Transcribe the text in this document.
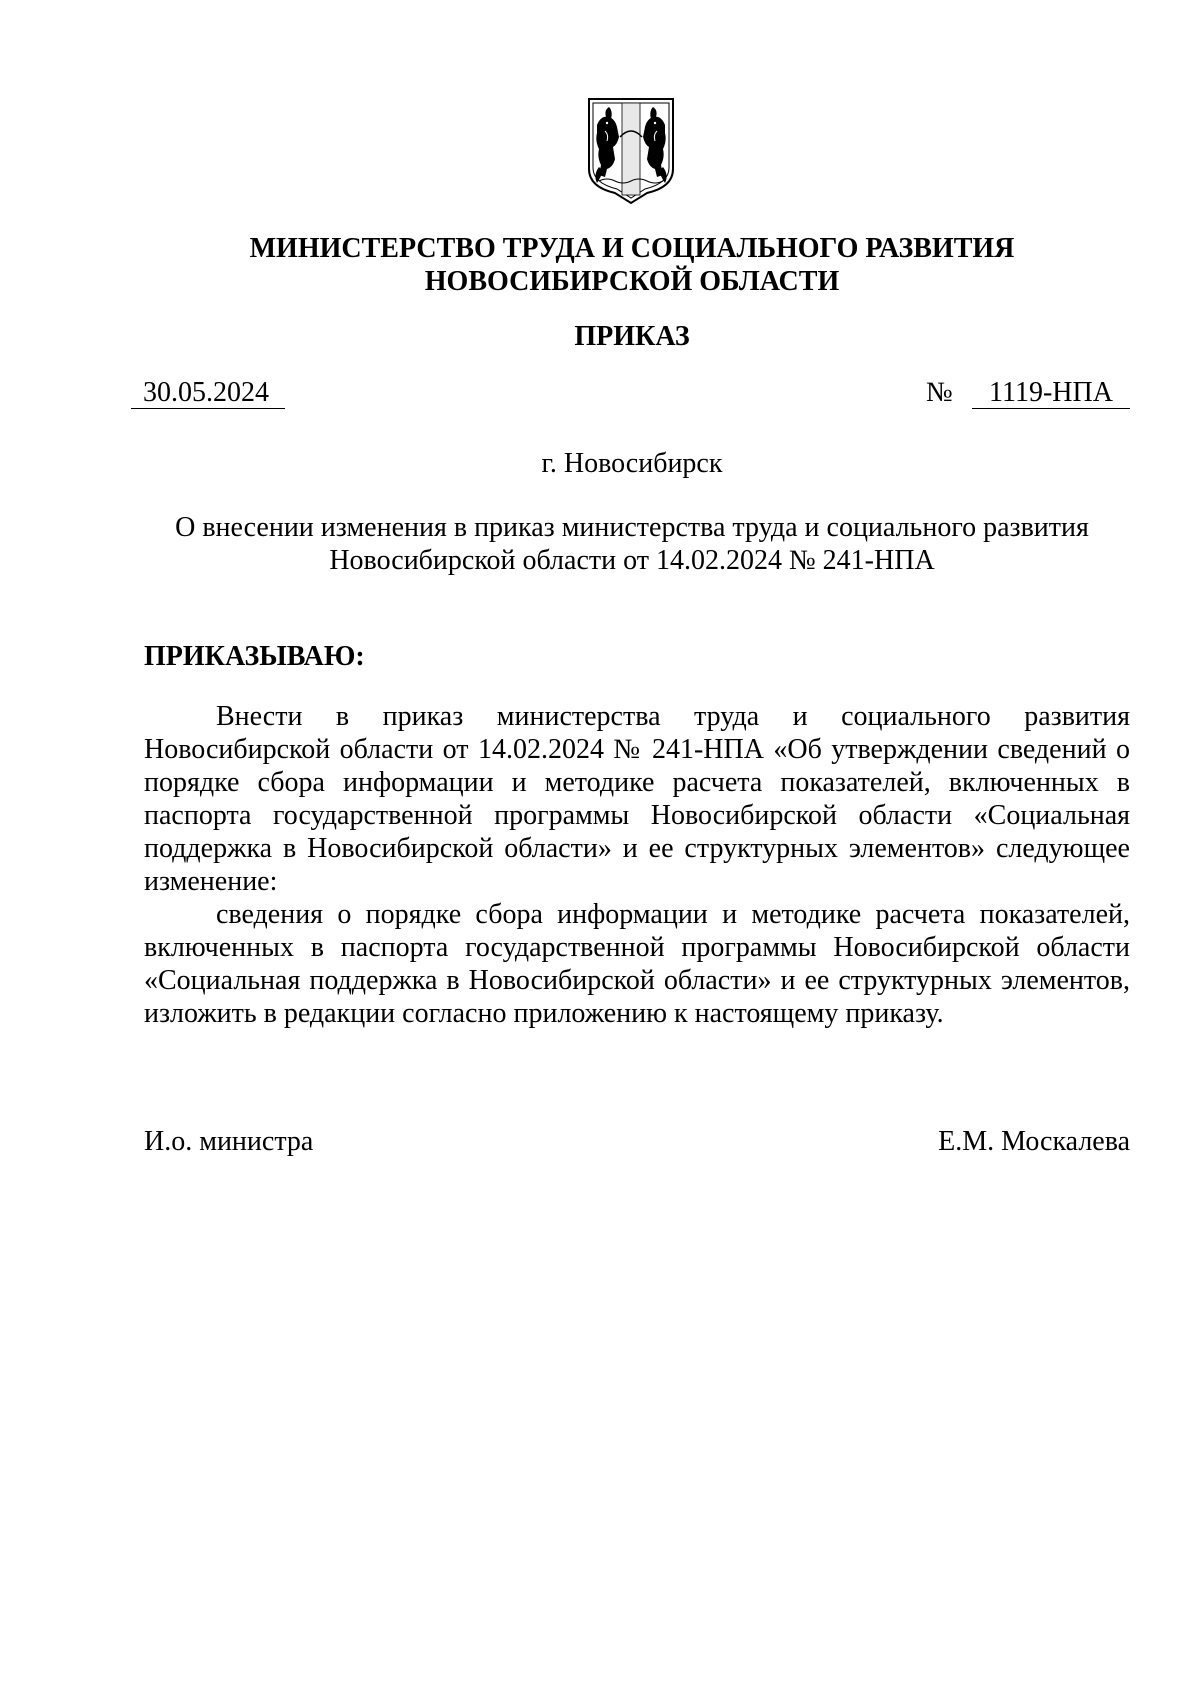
МИНИСТЕРСТВО ТРУДА И СОЦИАЛЬНОГО РАЗВИТИЯ
НОВОСИБИРСКОЙ ОБЛАСТИ
ПРИКАЗ
30.05.2024	№	1119-НПА
г. Новосибирск
О внесении изменения в приказ министерства труда и социального развития
Новосибирской области от 14.02.2024 № 241-НПА
ПРИКАЗЫВАЮ:

Внести в приказ министерства труда и социального развития Новосибирской области от 14.02.2024 № 241-НПА «Об утверждении сведений о порядке сбора информации и методике расчета показателей, включенных в паспорта государственной программы Новосибирской области «Социальная поддержка в Новосибирской области» и ее структурных элементов» следующее изменение:

сведения о порядке сбора информации и методике расчета показателей, включенных в паспорта государственной программы Новосибирской области «Социальная поддержка в Новосибирской области» и ее структурных элементов, изложить в редакции согласно приложению к настоящему приказу.

И.о. министра	Е.М. Москалева
